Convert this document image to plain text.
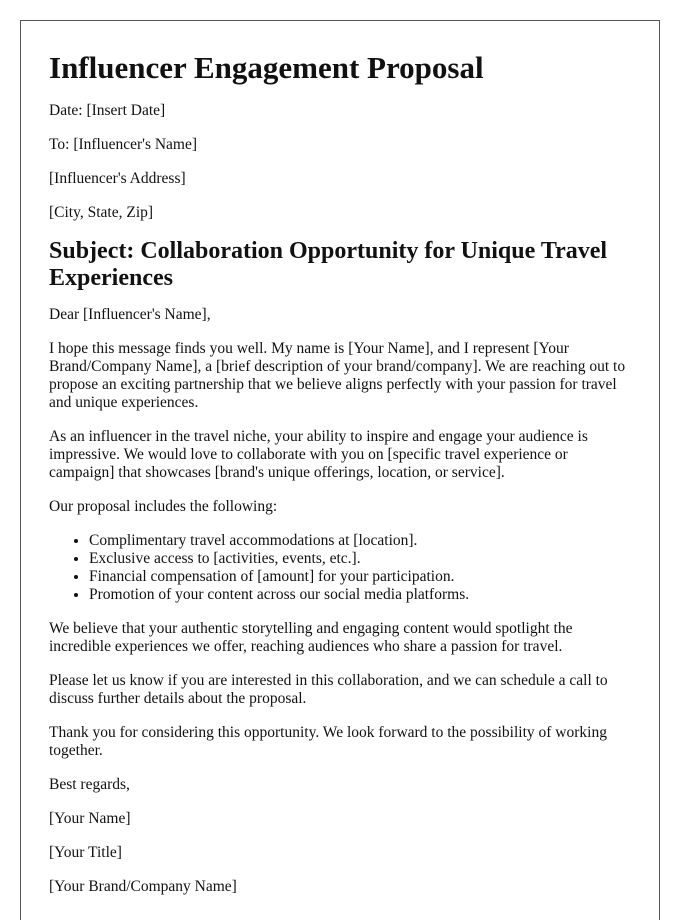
Influencer Engagement Proposal

Date: [Insert Date]

To: [Influencer's Name]

[Influencer's Address]

[City, State, Zip]

Subject: Collaboration Opportunity for Unique Travel Experiences

Dear [Influencer's Name],

I hope this message finds you well. My name is [Your Name], and I represent [Your Brand/Company Name], a [brief description of your brand/company]. We are reaching out to propose an exciting partnership that we believe aligns perfectly with your passion for travel and unique experiences.

As an influencer in the travel niche, your ability to inspire and engage your audience is impressive. We would love to collaborate with you on [specific travel experience or campaign] that showcases [brand's unique offerings, location, or service].

Our proposal includes the following:

• Complimentary travel accommodations at [location].
• Exclusive access to [activities, events, etc.].
• Financial compensation of [amount] for your participation.
• Promotion of your content across our social media platforms.

We believe that your authentic storytelling and engaging content would spotlight the incredible experiences we offer, reaching audiences who share a passion for travel.

Please let us know if you are interested in this collaboration, and we can schedule a call to discuss further details about the proposal.

Thank you for considering this opportunity. We look forward to the possibility of working together.

Best regards,

[Your Name]

[Your Title]

[Your Brand/Company Name]
